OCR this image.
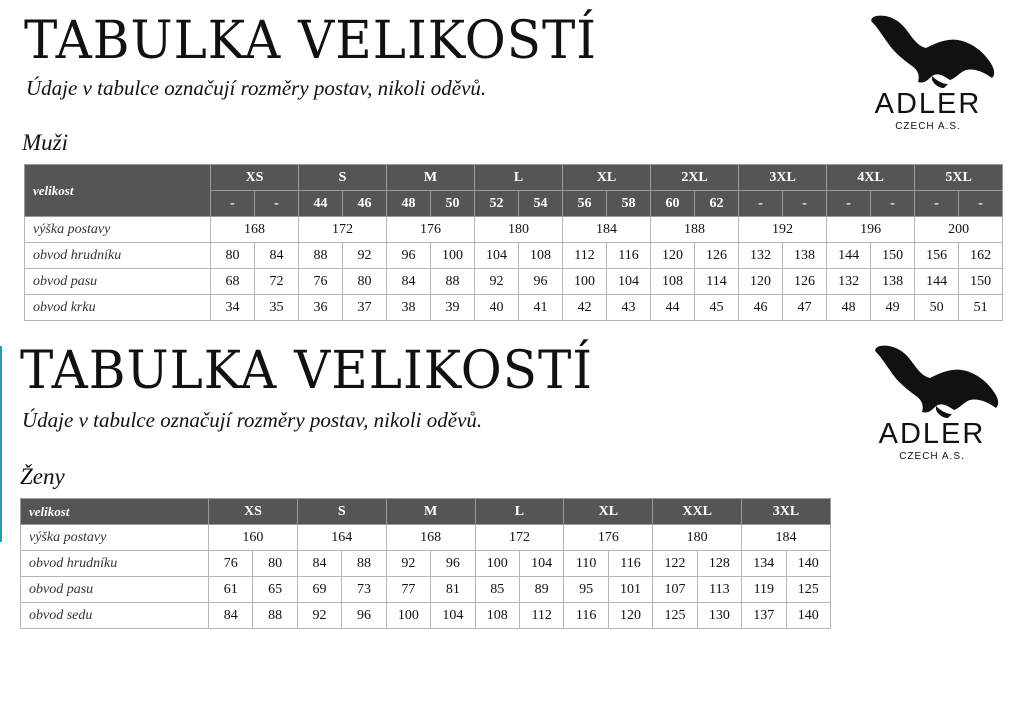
TABULKA VELIKOSTÍ

Údaje v tabulce označují rozměry postav, nikoli oděvů.

Muži

ADLER
CZECH A.S.
velikost	XS		S		M		L		XL		2XL		3XL		4XL		5XL	
	-	-	44	46	48	50	52	54	56	58	60	62	-	-	-	-	-	-
výška postavy	168		172		176		180		184		188		192		196		200	
obvod hrudníku	80	84	88	92	96	100	104	108	112	116	120	126	132	138	144	150	156	162
obvod pasu	68	72	76	80	84	88	92	96	100	104	108	114	120	126	132	138	144	150
obvod krku	34	35	36	37	38	39	40	41	42	43	44	45	46	47	48	49	50	51
TABULKA VELIKOSTÍ

Údaje v tabulce označují rozměry postav, nikoli oděvů.

Ženy

ADLER
CZECH A.S.
velikost	XS		S		M		L		XL		XXL		3XL	
výška postavy	160		164		168		172		176		180		184	
obvod hrudníku	76	80	84	88	92	96	100	104	110	116	122	128	134	140
obvod pasu	61	65	69	73	77	81	85	89	95	101	107	113	119	125
obvod sedu	84	88	92	96	100	104	108	112	116	120	125	130	137	140
